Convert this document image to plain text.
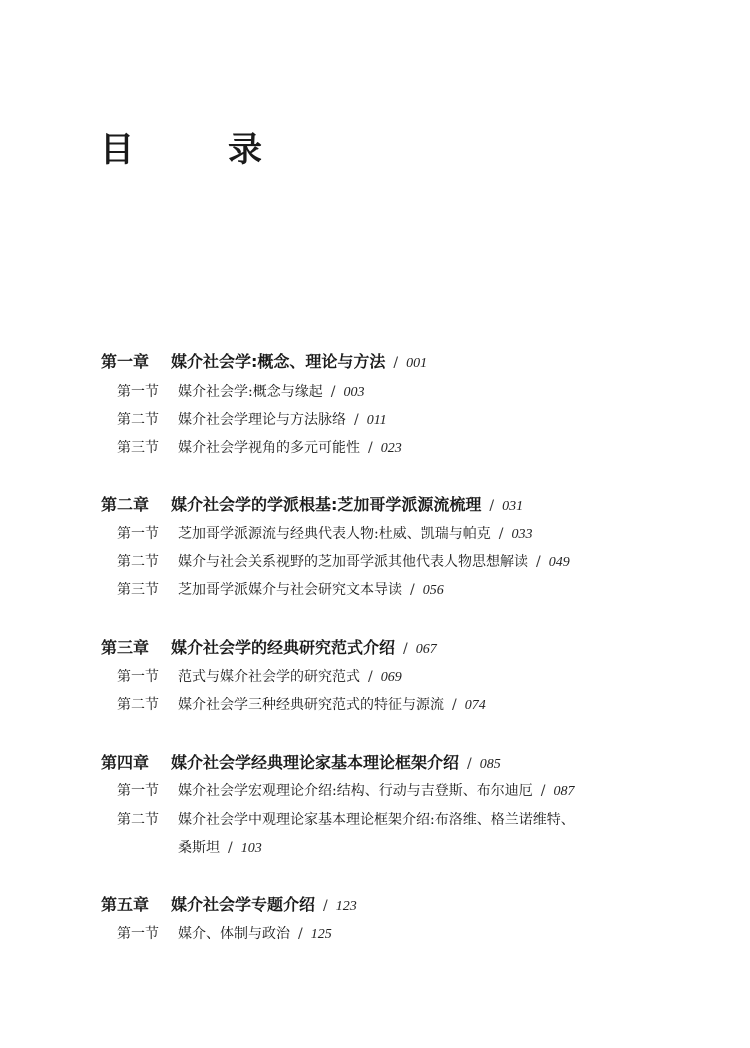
目　录
第一章 媒介社会学:概念、理论与方法 / 001
第一节 媒介社会学:概念与缘起 / 003
第二节 媒介社会学理论与方法脉络 / 011
第三节 媒介社会学视角的多元可能性 / 023
第二章 媒介社会学的学派根基:芝加哥学派源流梳理 / 031
第一节 芝加哥学派源流与经典代表人物:杜威、凯瑞与帕克 / 033
第二节 媒介与社会关系视野的芝加哥学派其他代表人物思想解读 / 049
第三节 芝加哥学派媒介与社会研究文本导读 / 056
第三章 媒介社会学的经典研究范式介绍 / 067
第一节 范式与媒介社会学的研究范式 / 069
第二节 媒介社会学三种经典研究范式的特征与源流 / 074
第四章 媒介社会学经典理论家基本理论框架介绍 / 085
第一节 媒介社会学宏观理论介绍:结构、行动与吉登斯、布尔迪厄 / 087
第二节 媒介社会学中观理论家基本理论框架介绍:布洛维、格兰诺维特、
桑斯坦 / 103
第五章 媒介社会学专题介绍 / 123
第一节 媒介、体制与政治 / 125
